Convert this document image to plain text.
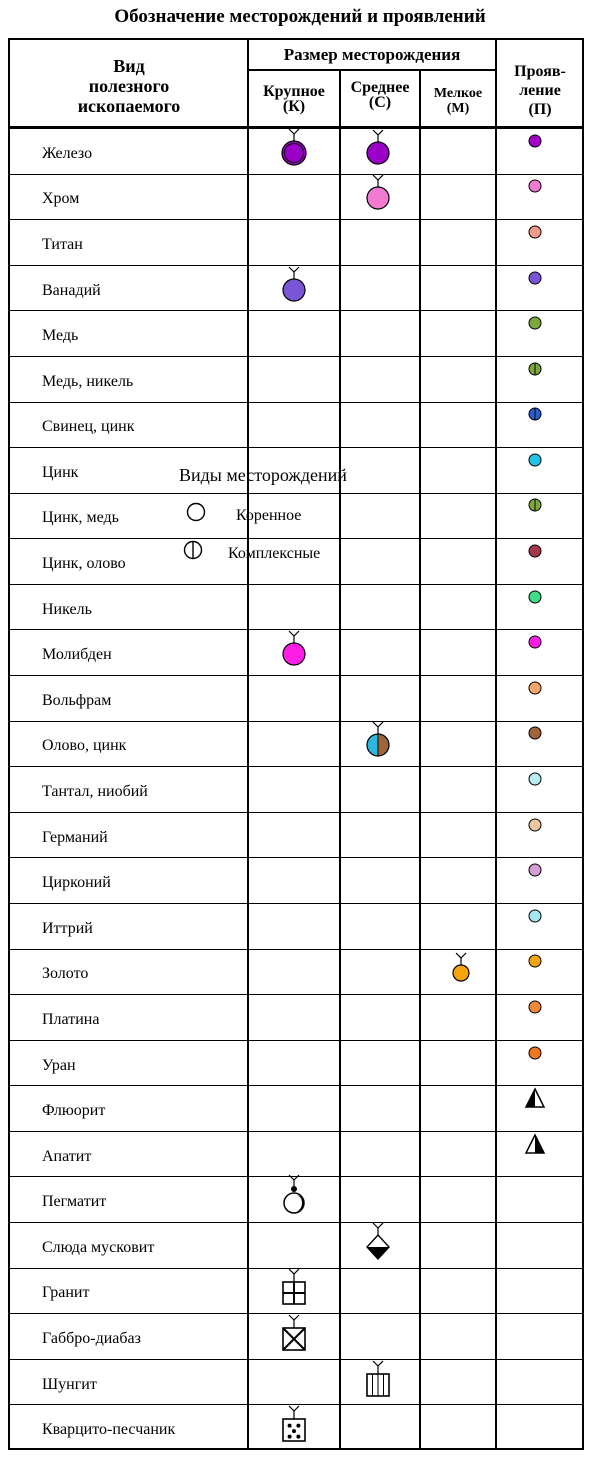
Обозначение месторождений и проявлений
Вид
полезного
ископаемого
Размер месторождения
Крупное
(К)
Среднее
(С)
Мелкое
(М)
Прояв-
ление
(П)
Железо
Хром
Титан
Ванадий
Медь
Медь, никель
Свинец, цинк
Цинк
Цинк, медь
Цинк, олово
Никель
Молибден
Вольфрам
Олово, цинк
Тантал, ниобий
Германий
Цирконий
Иттрий
Золото
Платина
Уран
Флюорит
Апатит
Пегматит
Слюда мусковит
Гранит
Габбро-диабаз
Шунгит
Кварцито-песчаник
Виды месторождений
Коренное
Комплексные
